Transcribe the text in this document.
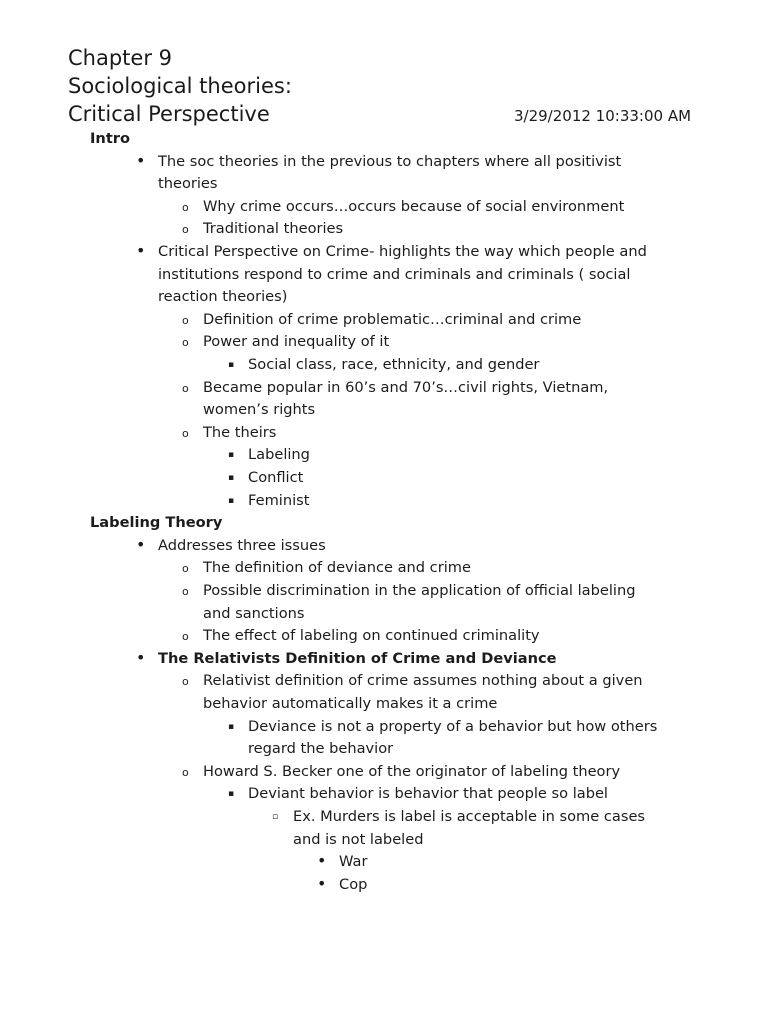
Chapter 9
Sociological theories:
Critical Perspective	3/29/2012 10:33:00 AM
Intro
• The soc theories in the previous to chapters where all positivist
theories
o Why crime occurs…occurs because of social environment
o Traditional theories
• Critical Perspective on Crime- highlights the way which people and
institutions respond to crime and criminals and criminals ( social
reaction theories)
o Definition of crime problematic…criminal and crime
o Power and inequality of it
▪ Social class, race, ethnicity, and gender
o Became popular in 60’s and 70’s…civil rights, Vietnam,
women’s rights
o The theirs
▪ Labeling
▪ Conflict
▪ Feminist
Labeling Theory
• Addresses three issues
o The definition of deviance and crime
o Possible discrimination in the application of official labeling
and sanctions
o The effect of labeling on continued criminality
• The Relativists Definition of Crime and Deviance
o Relativist definition of crime assumes nothing about a given
behavior automatically makes it a crime
▪ Deviance is not a property of a behavior but how others
regard the behavior
o Howard S. Becker one of the originator of labeling theory
▪ Deviant behavior is behavior that people so label
▫ Ex. Murders is label is acceptable in some cases
and is not labeled
• War
• Cop
